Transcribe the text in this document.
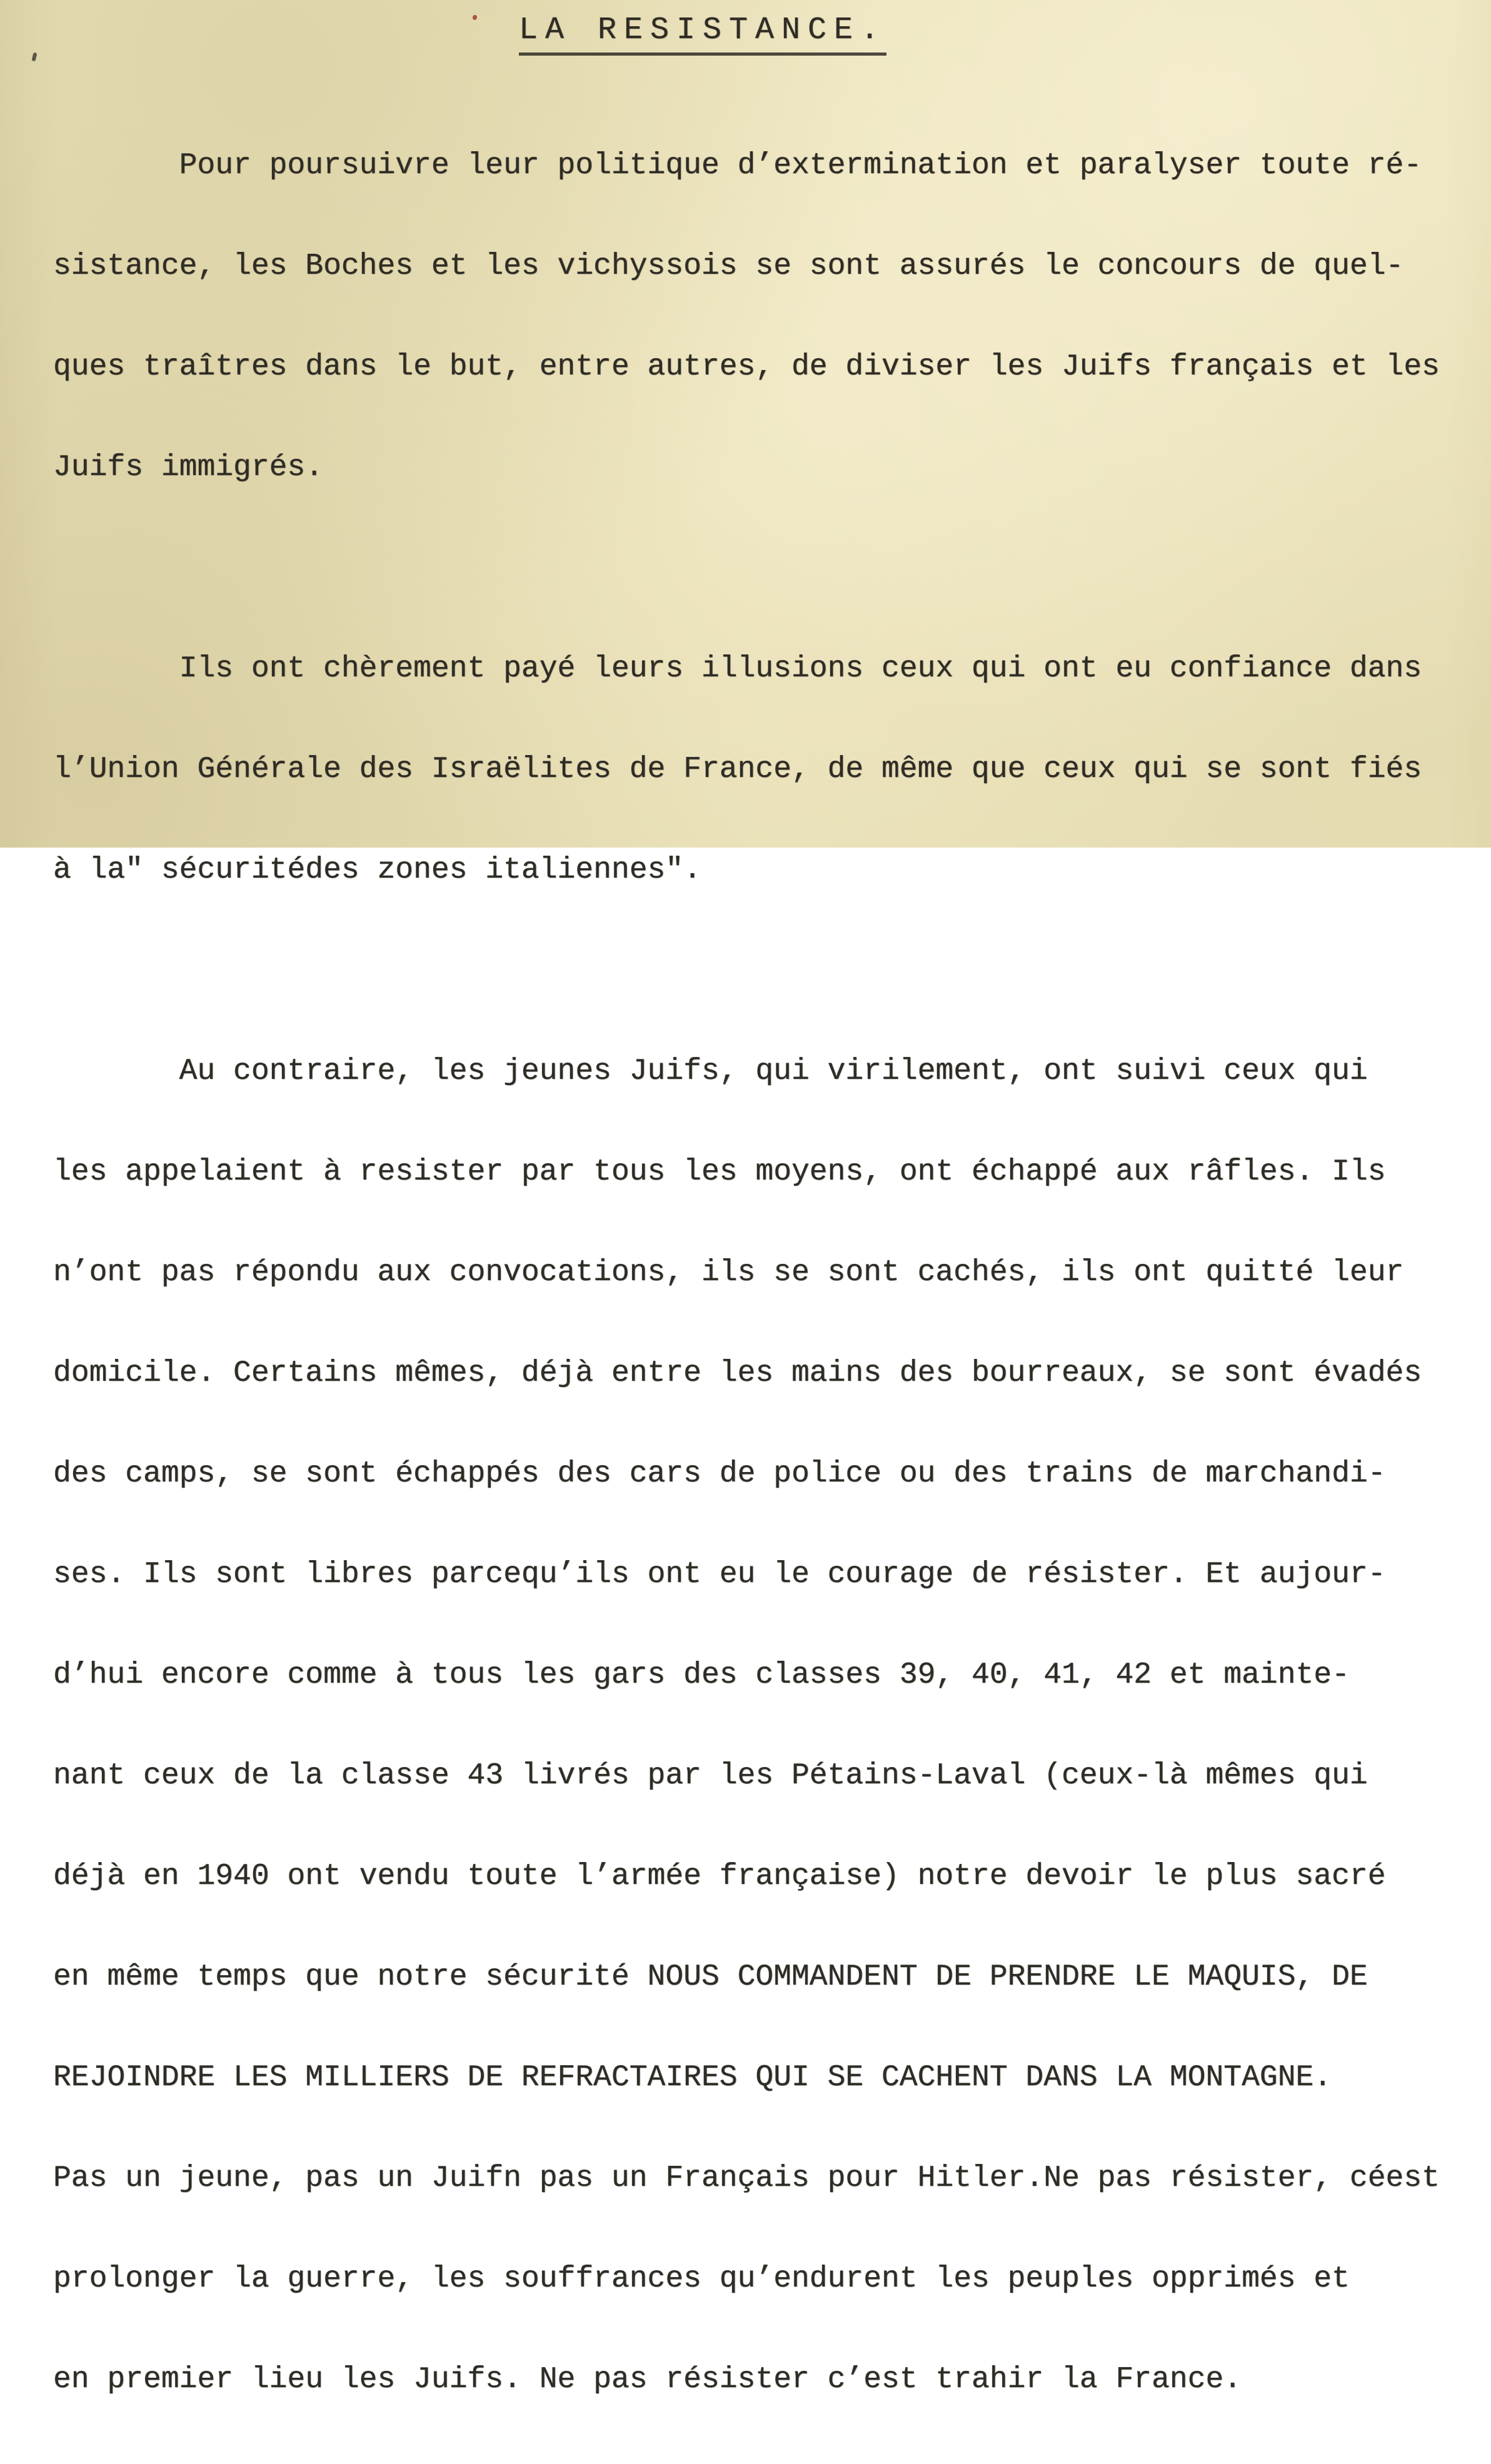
LA RESISTANCE.

Pour poursuivre leur politique d’extermination et paralyser toute ré-

sistance, les Boches et les vichyssois se sont assurés le concours de quel-

ques traîtres dans le but, entre autres, de diviser les Juifs français et les

Juifs immigrés.

Ils ont chèrement payé leurs illusions ceux qui ont eu confiance dans

l’Union Générale des Israëlites de France, de même que ceux qui se sont fiés

à la" sécuritédes zones italiennes".

Au contraire, les jeunes Juifs, qui virilement, ont suivi ceux qui

les appelaient à resister par tous les moyens, ont échappé aux râfles. Ils

n’ont pas répondu aux convocations, ils se sont cachés, ils ont quitté leur

domicile. Certains mêmes, déjà entre les mains des bourreaux, se sont évadés

des camps, se sont échappés des cars de police ou des trains de marchandi-

ses. Ils sont libres parcequ’ils ont eu le courage de résister. Et aujour-

d’hui encore comme à tous les gars des classes 39, 40, 41, 42 et mainte-

nant ceux de la classe 43 livrés par les Pétains-Laval (ceux-là mêmes qui

déjà en 1940 ont vendu toute l’armée française) notre devoir le plus sacré

en même temps que notre sécurité NOUS COMMANDENT DE PRENDRE LE MAQUIS, DE

REJOINDRE LES MILLIERS DE REFRACTAIRES QUI SE CACHENT DANS LA MONTAGNE.

Pas un jeune, pas un Juifn pas un Français pour Hitler.Ne pas résister, céest

prolonger la guerre, les souffrances qu’endurent les peuples opprimés et

en premier lieu les Juifs. Ne pas résister c’est trahir la France.
